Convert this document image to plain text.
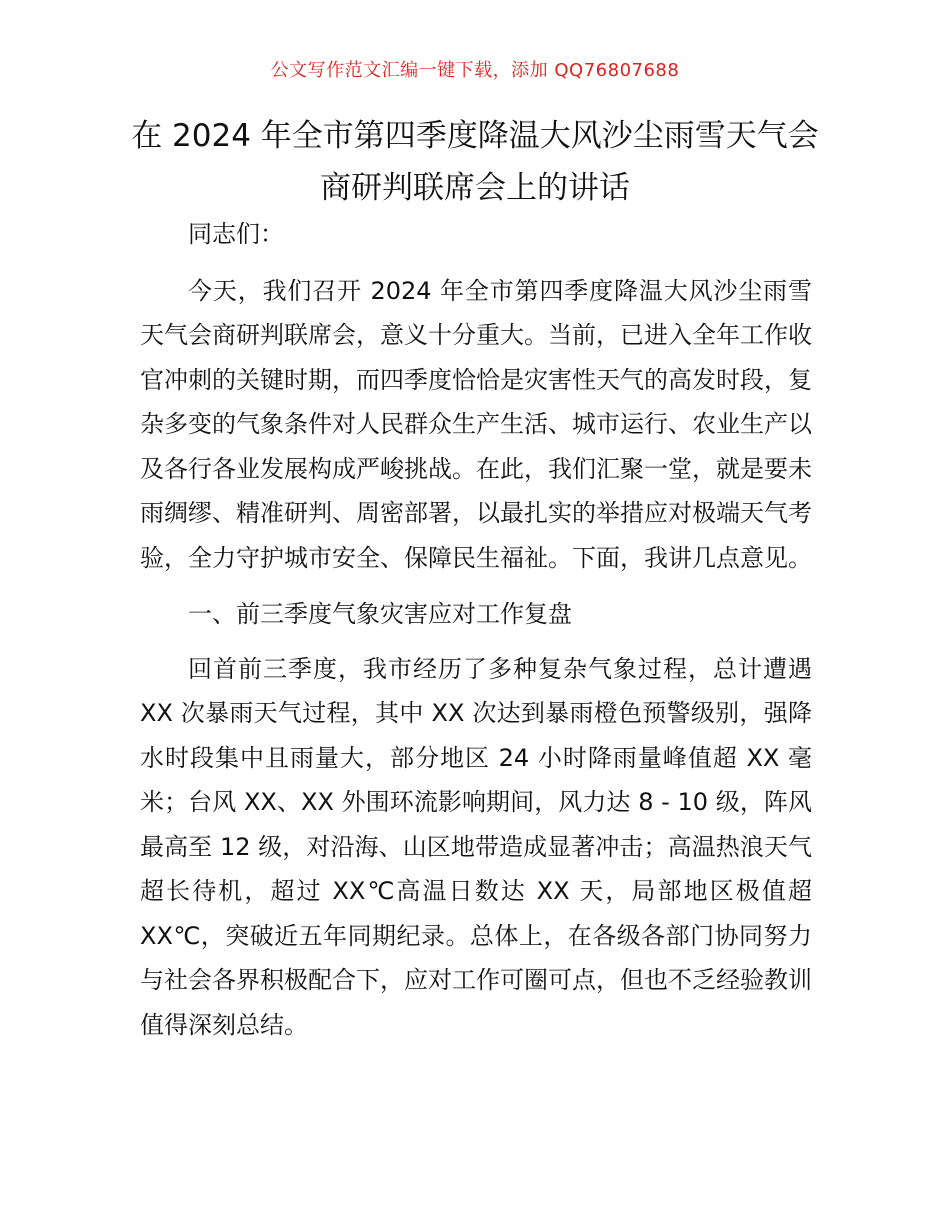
公文写作范文汇编一键下载，添加 QQ76807688
在 2024 年全市第四季度降温大风沙尘雨雪天气会商研判联席会上的讲话

同志们：

今天，我们召开 2024 年全市第四季度降温大风沙尘雨雪天气会商研判联席会，意义十分重大。当前，已进入全年工作收官冲刺的关键时期，而四季度恰恰是灾害性天气的高发时段，复杂多变的气象条件对人民群众生产生活、城市运行、农业生产以及各行各业发展构成严峻挑战。在此，我们汇聚一堂，就是要未雨绸缪、精准研判、周密部署，以最扎实的举措应对极端天气考验，全力守护城市安全、保障民生福祉。下面，我讲几点意见。

一、前三季度气象灾害应对工作复盘

回首前三季度，我市经历了多种复杂气象过程，总计遭遇 XX 次暴雨天气过程，其中 XX 次达到暴雨橙色预警级别，强降水时段集中且雨量大，部分地区 24 小时降雨量峰值超 XX 毫米；台风 XX、XX 外围环流影响期间，风力达 8 - 10 级，阵风最高至 12 级，对沿海、山区地带造成显著冲击；高温热浪天气超长待机，超过 XX℃高温日数达 XX 天，局部地区极值超 XX℃，突破近五年同期纪录。总体上，在各级各部门协同努力与社会各界积极配合下，应对工作可圈可点，但也不乏经验教训值得深刻总结。
